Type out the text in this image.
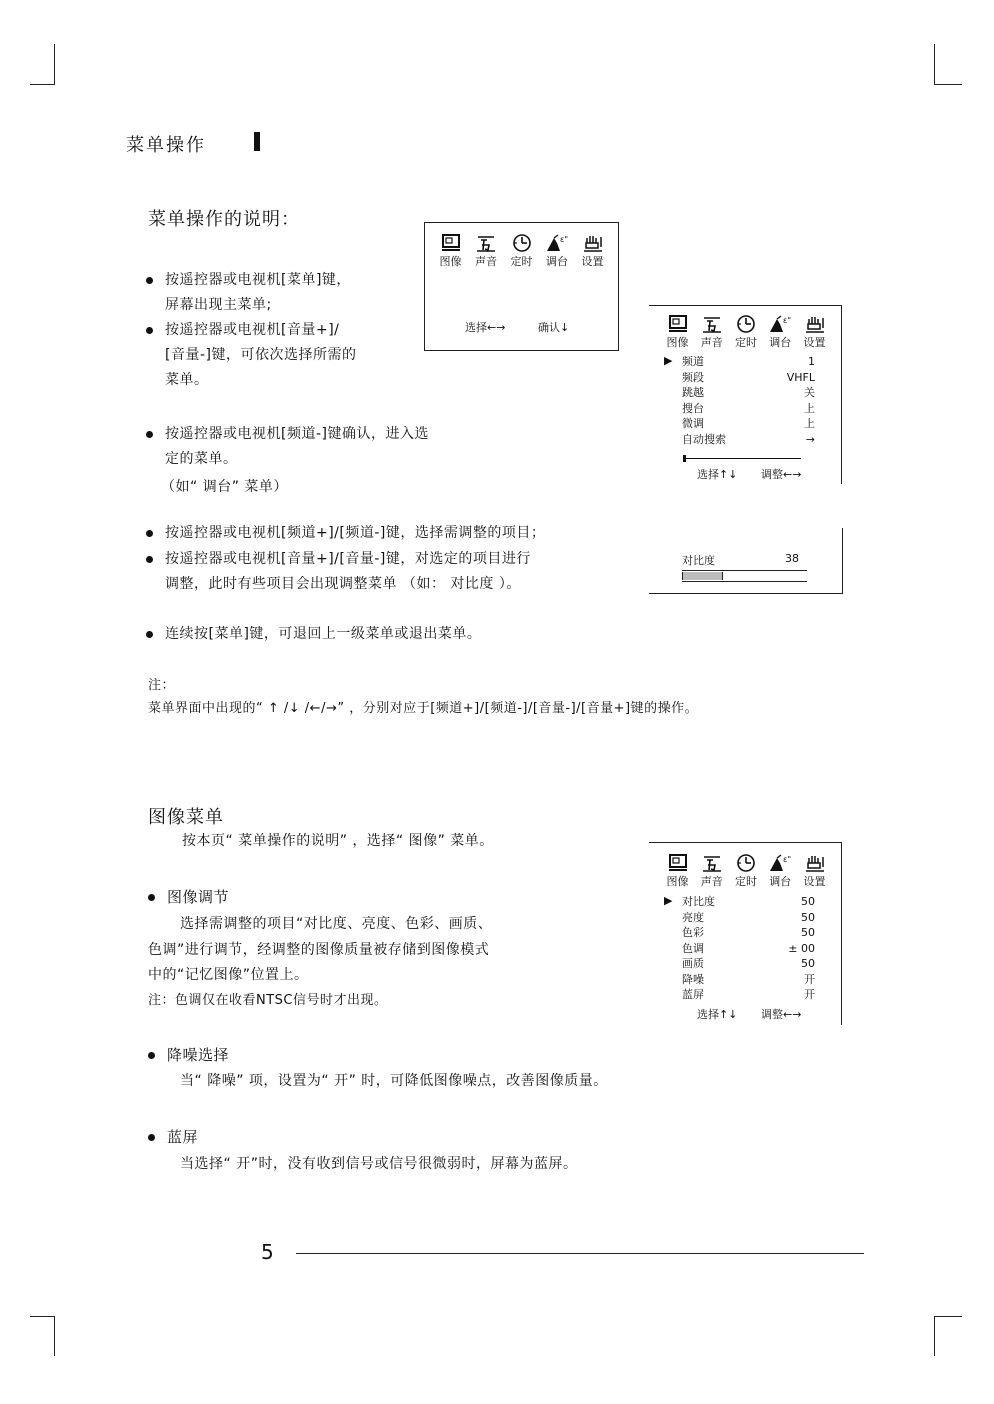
菜单操作
菜单操作的说明：
按遥控器或电视机[菜单]键，
屏幕出现主菜单;
按遥控器或电视机[音量+]/
[音量-]键，可依次选择所需的
菜单。
按遥控器或电视机[频道-]键确认，进入选
定的菜单。
（如“ 调台” 菜单）
按遥控器或电视机[频道+]/[频道-]键，选择需调整的项目；
按遥控器或电视机[音量+]/[音量-]键，对选定的项目进行
调整，此时有些项目会出现调整菜单 （如： 对比度 ）。
连续按[菜单]键，可退回上一级菜单或退出菜单。
注：
菜单界面中出现的“ ↑ /↓ /←/→” ，分别对应于[频道+]/[频道-]/[音量-]/[音量+]键的操作。
图像	声音	定时
ɛ"
调台	设置
选择←→	确认↓
图像	声音	定时
ɛ"
调台	设置
▶ 频道	1
频段	VHFL
跳越	关
搜台	上
微调	上
自动搜索	→
选择↑↓ 调整←→
对比度	38
图像菜单
按本页“ 菜单操作的说明” ，选择“ 图像” 菜单。
图像调节
选择需调整的项目“对比度、亮度、色彩、画质、
色调”进行调节，经调整的图像质量被存储到图像模式
中的“记忆图像”位置上。
注：色调仅在收看NTSC信号时才出现。
降噪选择
当“ 降噪” 项，设置为“ 开” 时，可降低图像噪点，改善图像质量。
蓝屏
当选择“ 开”时，没有收到信号或信号很微弱时，屏幕为蓝屏。
图像	声音	定时
ɛ"
调台	设置
▶ 对比度	50
亮度	50
色彩	50
色调	± 00
画质	50
降噪	开
蓝屏	开
选择↑↓ 调整←→
5
